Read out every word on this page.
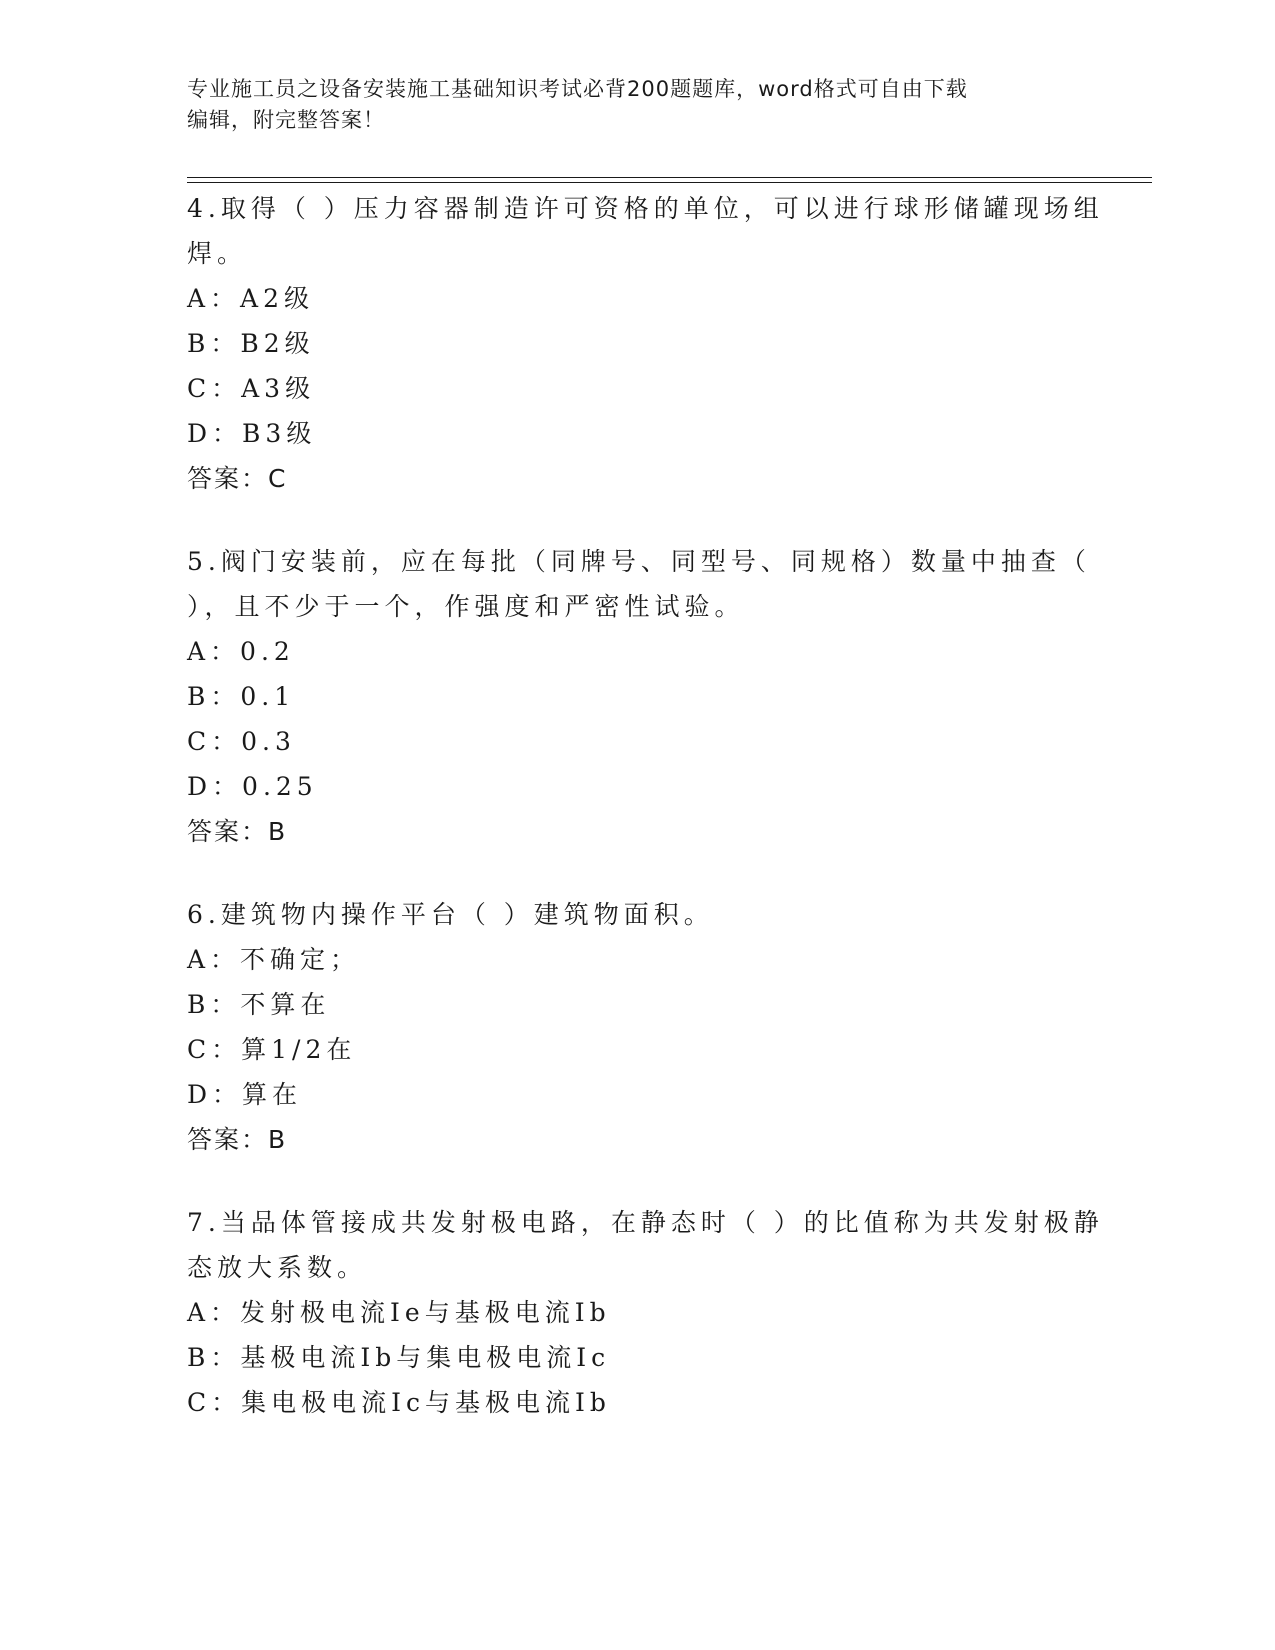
专业施工员之设备安装施工基础知识考试必背200题题库，word格式可自由下载
编辑，附完整答案！
4.取得（ ）压力容器制造许可资格的单位，可以进行球形储罐现场组
焊。
A：A2级
B：B2级
C：A3级
D：B3级
答案：C
5.阀门安装前，应在每批（同牌号、同型号、同规格）数量中抽查（
），且不少于一个，作强度和严密性试验。
A：0.2
B：0.1
C：0.3
D：0.25
答案：B
6.建筑物内操作平台（ ）建筑物面积。
A：不确定；
B：不算在
C：算1/2在
D：算在
答案：B
7.当品体管接成共发射极电路，在静态时（ ）的比值称为共发射极静
态放大系数。
A：发射极电流Ie与基极电流Ib
B：基极电流Ib与集电极电流Ic
C：集电极电流Ic与基极电流Ib
